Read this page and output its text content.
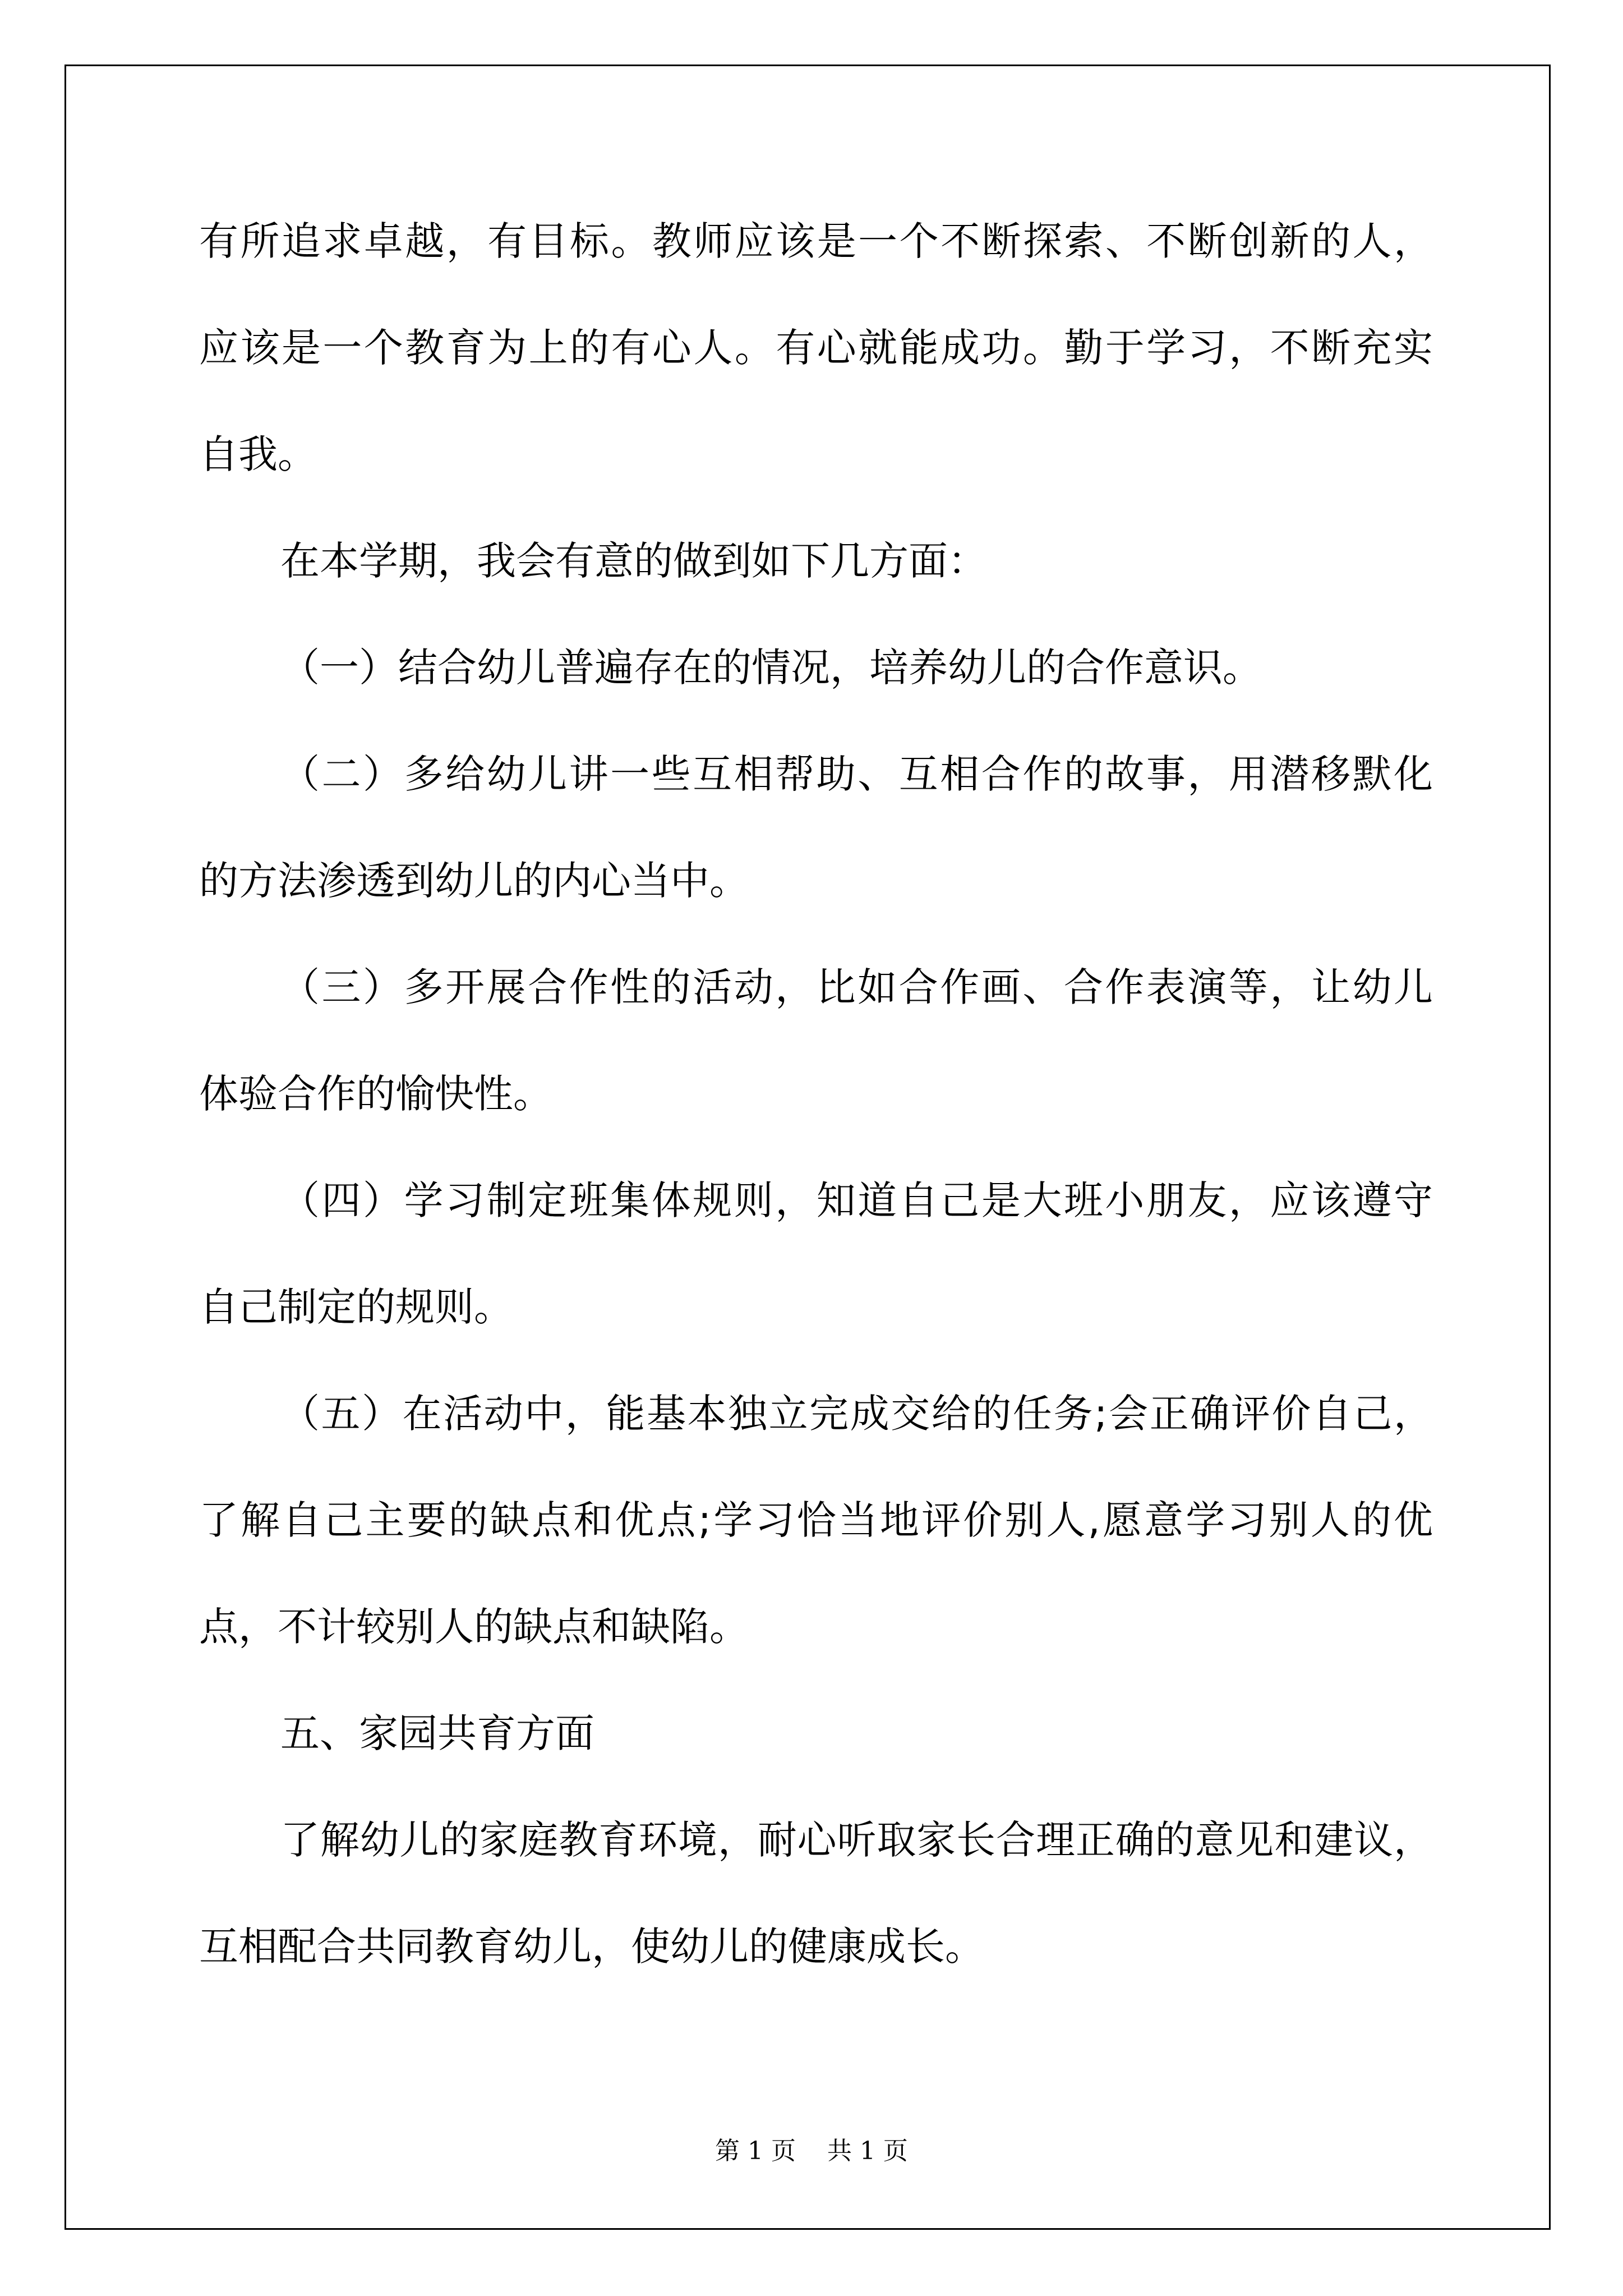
有所追求卓越，有目标。教师应该是一个不断探索、不断创新的人，
应该是一个教育为上的有心人。有心就能成功。勤于学习，不断充实
自我。
在本学期，我会有意的做到如下几方面：
（一）结合幼儿普遍存在的情况，培养幼儿的合作意识。
（二）多给幼儿讲一些互相帮助、互相合作的故事，用潜移默化
的方法渗透到幼儿的内心当中。
（三）多开展合作性的活动，比如合作画、合作表演等，让幼儿
体验合作的愉快性。
（四）学习制定班集体规则，知道自己是大班小朋友，应该遵守
自己制定的规则。
（五）在活动中，能基本独立完成交给的任务;会正确评价自己，
了解自己主要的缺点和优点;学习恰当地评价别人,愿意学习别人的优
点，不计较别人的缺点和缺陷。
五、家园共育方面
了解幼儿的家庭教育环境，耐心听取家长合理正确的意见和建议，
互相配合共同教育幼儿，使幼儿的健康成长。
第 1 页 共 1 页
